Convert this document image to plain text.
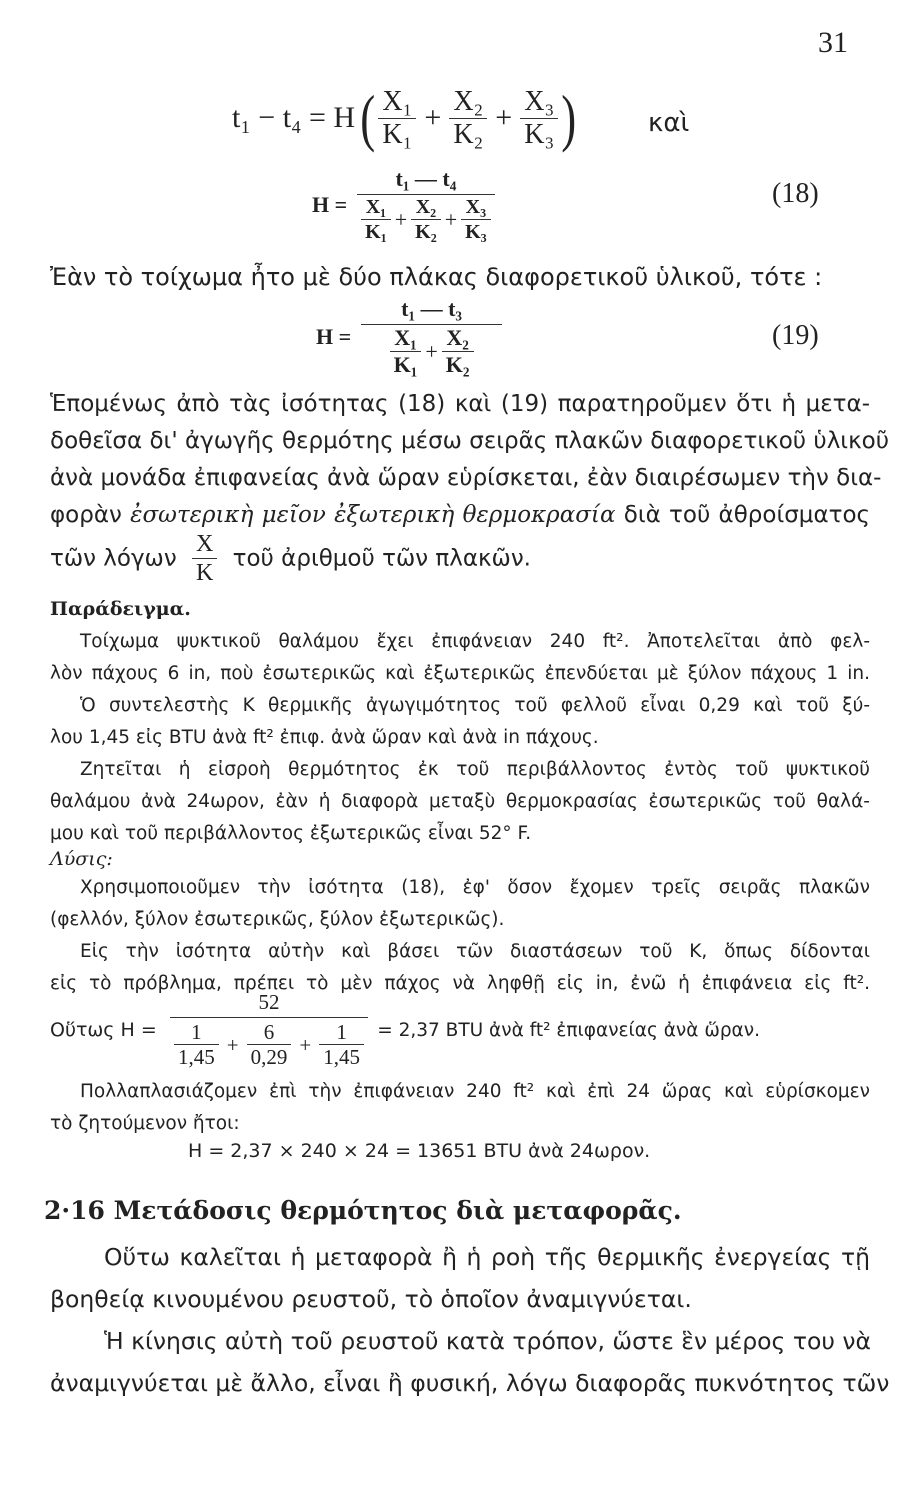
31
$t_1 - t_4 = H( \frac{\text{X₁}}{\text{K₁}} + \frac{\text{X₂}}{\text{K₂}} + \frac{\text{X₃}}{\text{K₃}}$ )	καὶ
$H = \frac{\text{t₁ — t₄}}{\frac{\text{X₁}}{\text{K₁}} + \frac{\text{X₂}}{\text{K₂}} + \frac{\text{X₃}}{\text{K₃}}}$	(18)
Ἐὰν τὸ τοίχωμα ἦτο μὲ δύο πλάκας διαφορετικοῦ ὑλικοῦ, τότε :
$H = \frac{\text{t₁ — t₃}}{\frac{\text{X₁}}{\text{K₁}} + \frac{\text{X₂}}{\text{K₂}}}$	(19)
Ἑπομένως ἀπὸ τὰς ἰσότητας (18) καὶ (19) παρατηροῦμεν ὅτι ἡ μετα-
δοθεῖσα δι' ἀγωγῆς θερμότης μέσω σειρᾶς πλακῶν διαφορετικοῦ ὑλικοῦ
ἀνὰ μονάδα ἐπιφανείας ἀνὰ ὥραν εὑρίσκεται, ἐὰν διαιρέσωμεν τὴν δια-
φορὰν ἐσωτερικὴ μεῖον ἐξωτερικὴ θερμοκρασία διὰ τοῦ ἀθροίσματος
τῶν λόγων $\frac{X}{K}$ τοῦ ἀριθμοῦ τῶν πλακῶν.
Παράδειγμα.
Τοίχωμα ψυκτικοῦ θαλάμου ἔχει ἐπιφάνειαν 240 ft². Ἀποτελεῖται ἀπὸ φελ-
λὸν πάχους 6 in, ποὺ ἐσωτερικῶς καὶ ἐξωτερικῶς ἐπενδύεται μὲ ξύλον πάχους 1 in.
Ὁ συντελεστὴς K θερμικῆς ἀγωγιμότητος τοῦ φελλοῦ εἶναι 0,29 καὶ τοῦ ξύ-
λου 1,45 εἰς BTU ἀνὰ ft² ἐπιφ. ἀνὰ ὥραν καὶ ἀνὰ in πάχους.
Ζητεῖται ἡ εἰσροὴ θερμότητος ἐκ τοῦ περιβάλλοντος ἐντὸς τοῦ ψυκτικοῦ
θαλάμου ἀνὰ 24ωρον, ἐὰν ἡ διαφορὰ μεταξὺ θερμοκρασίας ἐσωτερικῶς τοῦ θαλά-
μου καὶ τοῦ περιβάλλοντος ἐξωτερικῶς εἶναι 52° F.
Λύσις:
Χρησιμοποιοῦμεν τὴν ἰσότητα (18), ἐφ' ὅσον ἔχομεν τρεῖς σειρᾶς πλακῶν
(φελλόν, ξύλον ἐσωτερικῶς, ξύλον ἐξωτερικῶς).
Εἰς τὴν ἰσότητα αὐτὴν καὶ βάσει τῶν διαστάσεων τοῦ K, ὅπως δίδονται
εἰς τὸ πρόβλημα, πρέπει τὸ μὲν πάχος νὰ ληφθῇ εἰς in, ἐνῶ ἡ ἐπιφάνεια εἰς ft².
Οὕτως $H = \frac{52}{\frac{1}{1,45} + \frac{6}{0,29} + \frac{1}{1,45}} = 2,37$ BTU ἀνὰ ft² ἐπιφανείας ἀνὰ ὥραν.
Πολλαπλασιάζομεν ἐπὶ τὴν ἐπιφάνειαν 240 ft² καὶ ἐπὶ 24 ὥρας καὶ εὑρίσκομεν
τὸ ζητούμενον ἤτοι:
H = 2,37 × 240 × 24 = 13651 BTU ἀνὰ 24ωρον.
2·16 Μετάδοσις θερμότητος διὰ μεταφορᾶς.
Οὕτω καλεῖται ἡ μεταφορὰ ἢ ἡ ροὴ τῆς θερμικῆς ἐνεργείας τῇ
βοηθείᾳ κινουμένου ρευστοῦ, τὸ ὁποῖον ἀναμιγνύεται.
Ἡ κίνησις αὐτὴ τοῦ ρευστοῦ κατὰ τρόπον, ὥστε ἓν μέρος του νὰ
ἀναμιγνύεται μὲ ἄλλο, εἶναι ἢ φυσική, λόγω διαφορᾶς πυκνότητος τῶν
